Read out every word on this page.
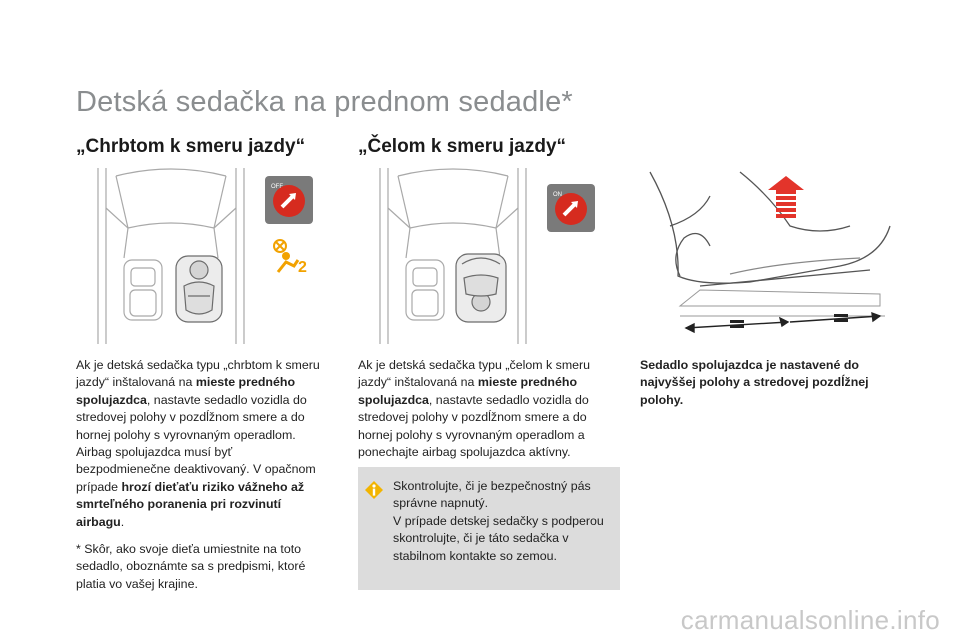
Detská sedačka na prednom sedadle*
„Chrbtom k smeru jazdy“	„Čelom k smeru jazdy“
OFF
2
ON
Ak je detská sedačka typu „chrbtom k smeru jazdy“ inštalovaná na mieste predného spolujazdca, nastavte sedadlo vozidla do stredovej polohy v pozdĺžnom smere a do hornej polohy s vyrovnaným operadlom. Airbag spolujazdca musí byť bezpodmienečne deaktivovaný. V opačnom prípade hrozí dieťaťu riziko vážneho až smrteľného poranenia pri rozvinutí airbagu.
* Skôr, ako svoje dieťa umiestnite na toto sedadlo, oboznámte sa s predpismi, ktoré platia vo vašej krajine.
Ak je detská sedačka typu „čelom k smeru jazdy“ inštalovaná na mieste predného spolujazdca, nastavte sedadlo vozidla do stredovej polohy v pozdĺžnom smere a do hornej polohy s vyrovnaným operadlom a ponechajte airbag spolujazdca aktívny.
Skontrolujte, či je bezpečnostný pás správne napnutý.
V prípade detskej sedačky s podperou skontrolujte, či je táto sedačka v stabilnom kontakte so zemou.
Sedadlo spolujazdca je nastavené do najvyššej polohy a stredovej pozdĺžnej polohy.
carmanualsonline.info
